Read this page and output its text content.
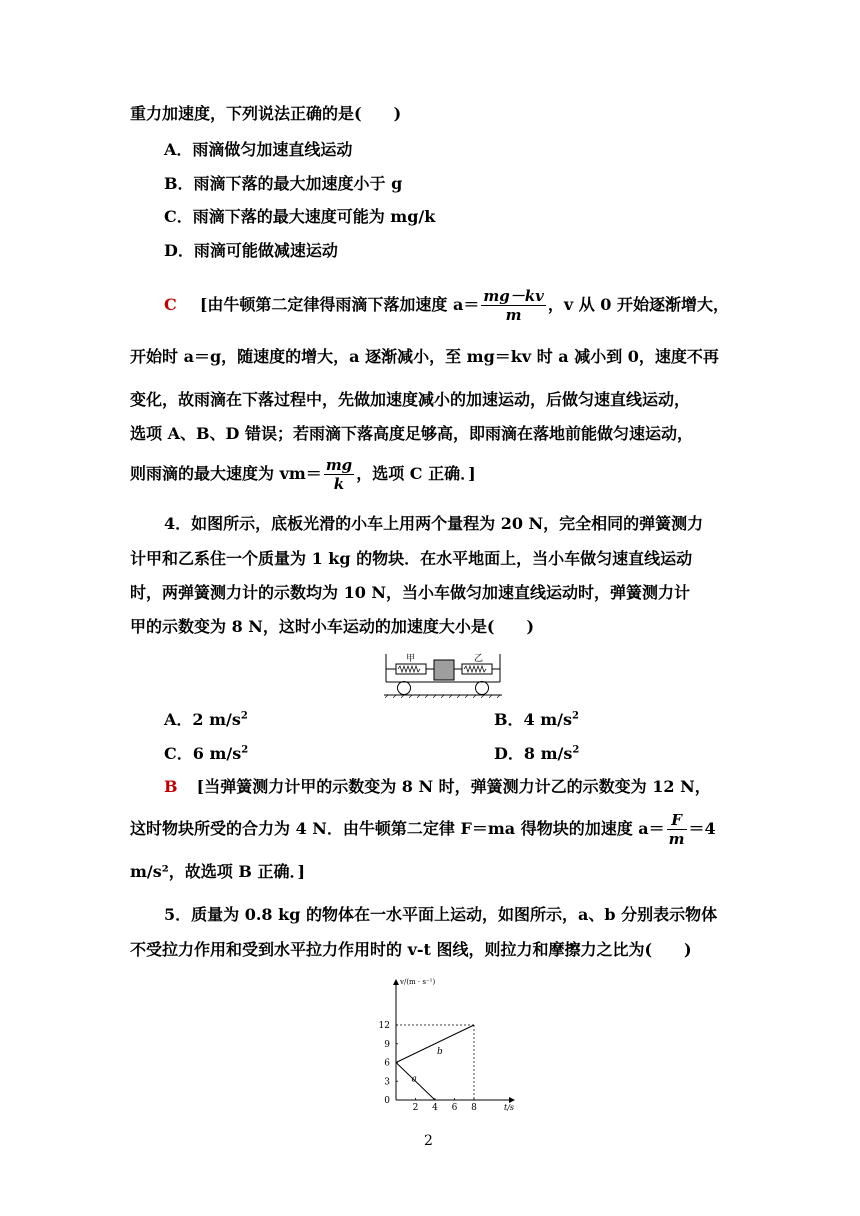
重力加速度，下列说法正确的是(　　)
A．雨滴做匀加速直线运动
B．雨滴下落的最大加速度小于 g
C．雨滴下落的最大速度可能为 mg/k
D．雨滴可能做减速运动
C [由牛顿第二定律得雨滴下落加速度 $a= \frac{mg-kv}{m}$ ，v 从 0 开始逐渐增大，
开始时 a＝g，随速度的增大，a 逐渐减小，至 mg＝kv 时 a 减小到 0，速度不再
变化，故雨滴在下落过程中，先做加速度减小的加速运动，后做匀速直线运动，
选项 A、B、D 错误；若雨滴下落高度足够高，即雨滴在落地前能做匀速运动，
则雨滴的最大速度为 $vm= \frac{mg}{k}$ ，选项 C 正确．]
4．如图所示，底板光滑的小车上用两个量程为 20 N，完全相同的弹簧测力
计甲和乙系住一个质量为 1 kg 的物块．在水平地面上，当小车做匀速直线运动
时，两弹簧测力计的示数均为 10 N，当小车做匀加速直线运动时，弹簧测力计
甲的示数变为 8 N，这时小车运动的加速度大小是(　　)
甲	乙
A．2 $m/s^2$	B．4 $m/s^2$
C．6 $m/s^2$	D．8 $m/s^2$
B [当弹簧测力计甲的示数变为 8 N 时，弹簧测力计乙的示数变为 12 N，
这时物块所受的合力为 4 N．由牛顿第二定律 F＝ma 得物块的加速度 $a= \frac{F}{m} =4$
m/s²，故选项 B 正确．]
5．质量为 0.8 kg 的物体在一水平面上运动，如图所示，a、b 分别表示物体
不受拉力作用和受到水平拉力作用时的 v-t 图线，则拉力和摩擦力之比为(　　)
v/(m · s⁻¹)
t/s
0
2 4 6 8
3
6
9
12
a
b
2
